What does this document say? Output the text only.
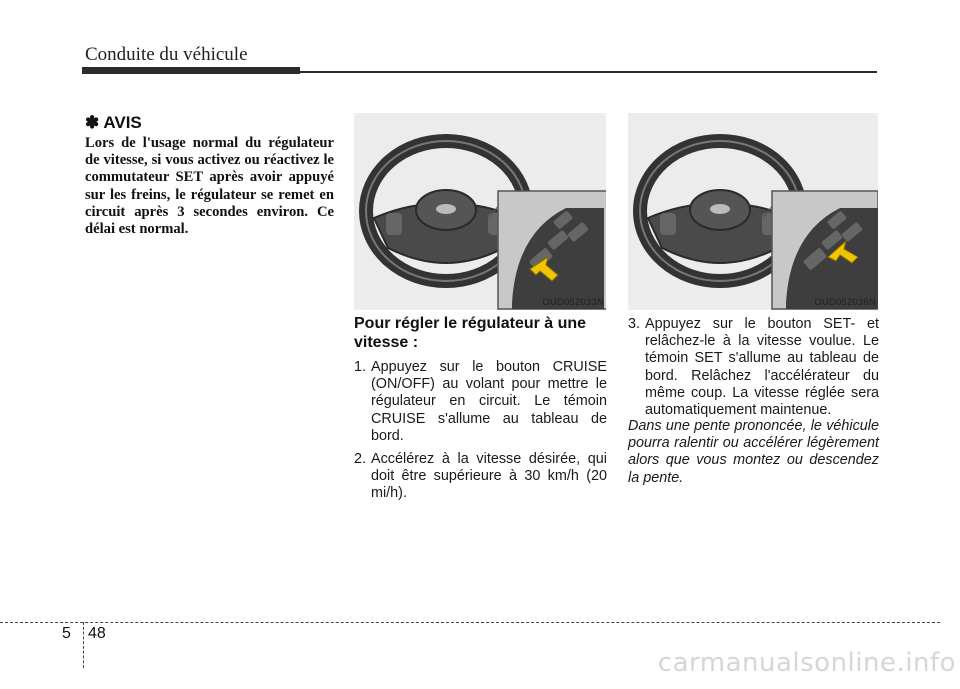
Conduite du véhicule
✽ AVIS
Lors de l'usage normal du régulateur de vitesse, si vous activez ou réactivez le commutateur SET après avoir appuyé sur les freins, le régulateur se remet en circuit après 3 secondes environ. Ce délai est normal.
OUD052033N	OUD052036N
Pour régler le régulateur à une vitesse :
1. Appuyez sur le bouton CRUISE (ON/OFF) au volant pour mettre le régulateur en circuit. Le témoin CRUISE s'allume au tableau de bord.
2. Accélérez à la vitesse désirée, qui doit être supérieure à 30 km/h (20 mi/h).
3. Appuyez sur le bouton SET- et relâchez-le à la vitesse voulue. Le témoin SET s'allume au tableau de bord. Relâchez l'accélérateur du même coup. La vitesse réglée sera automatiquement maintenue.
Dans une pente prononcée, le véhicule pourra ralentir ou accélérer légèrement alors que vous montez ou descendez la pente.
5 48
carmanualsonline.info
